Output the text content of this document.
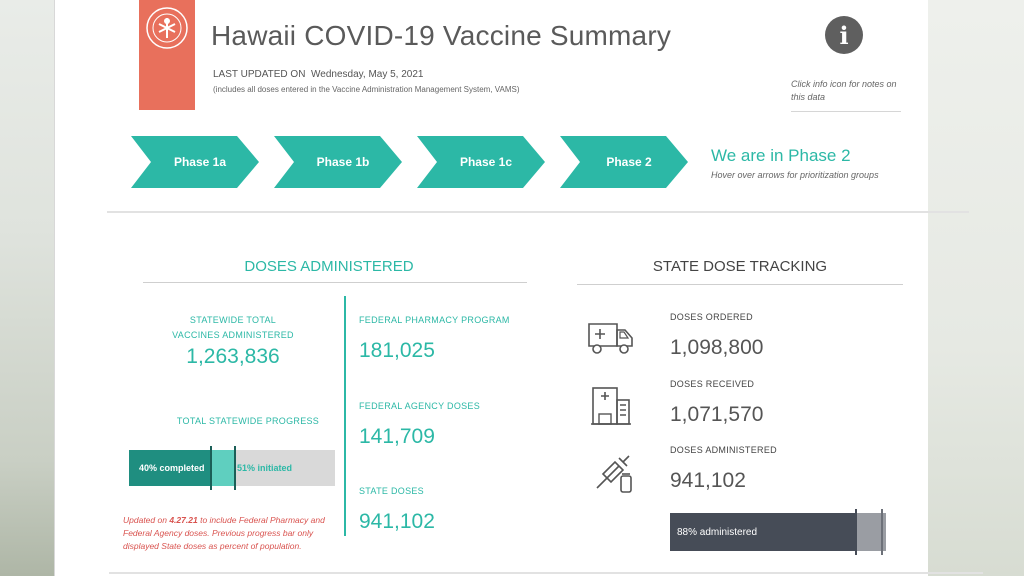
Hawaii COVID-19 Vaccine Summary
LAST UPDATED ON Wednesday, May 5, 2021
(includes all doses entered in the Vaccine Administration Management System, VAMS)
i
Click info icon for notes on this data
Phase 1a	Phase 1b	Phase 1c	Phase 2	We are in Phase 2
Hover over arrows for prioritization groups
DOSES ADMINISTERED
STATEWIDE TOTAL
VACCINES ADMINISTERED
1,263,836
TOTAL STATEWIDE PROGRESS
40% completed	51% initiated
Updated on 4.27.21 to include Federal Pharmacy and Federal Agency doses. Previous progress bar only displayed State doses as percent of population.
FEDERAL PHARMACY PROGRAM
181,025
FEDERAL AGENCY DOSES
141,709
STATE DOSES
941,102
STATE DOSE TRACKING
DOSES ORDERED
1,098,800
DOSES RECEIVED
1,071,570
DOSES ADMINISTERED
941,102
88% administered
